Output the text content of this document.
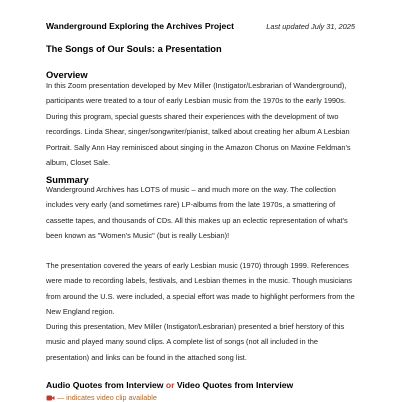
Wanderground Exploring the Archives Project	Last updated July 31, 2025
The Songs of Our Souls: a Presentation
Overview
In this Zoom presentation developed by Mev Miller (Instigator/Lesbrarian of Wanderground),
participants were treated to a tour of early Lesbian music from the 1970s to the early 1990s.
During this program, special guests shared their experiences with the development of two
recordings. Linda Shear, singer/songwriter/pianist, talked about creating her album A Lesbian
Portrait. Sally Ann Hay reminisced about singing in the Amazon Chorus on Maxine Feldman's
album, Closet Sale.
Summary
Wanderground Archives has LOTS of music – and much more on the way. The collection
includes very early (and sometimes rare) LP-albums from the late 1970s, a smattering of
cassette tapes, and thousands of CDs. All this makes up an eclectic representation of what's
been known as "Women's Music" (but is really Lesbian)!
The presentation covered the years of early Lesbian music (1970) through 1999. References
were made to recording labels, festivals, and Lesbian themes in the music. Though musicians
from around the U.S. were included, a special effort was made to highlight performers from the
New England region.
During this presentation, Mev Miller (Instigator/Lesbrarian) presented a brief herstory of this
music and played many sound clips. A complete list of songs (not all included in the
presentation) and links can be found in the attached song list.
Audio Quotes from Interview or Video Quotes from Interview
— indicates video clip available
